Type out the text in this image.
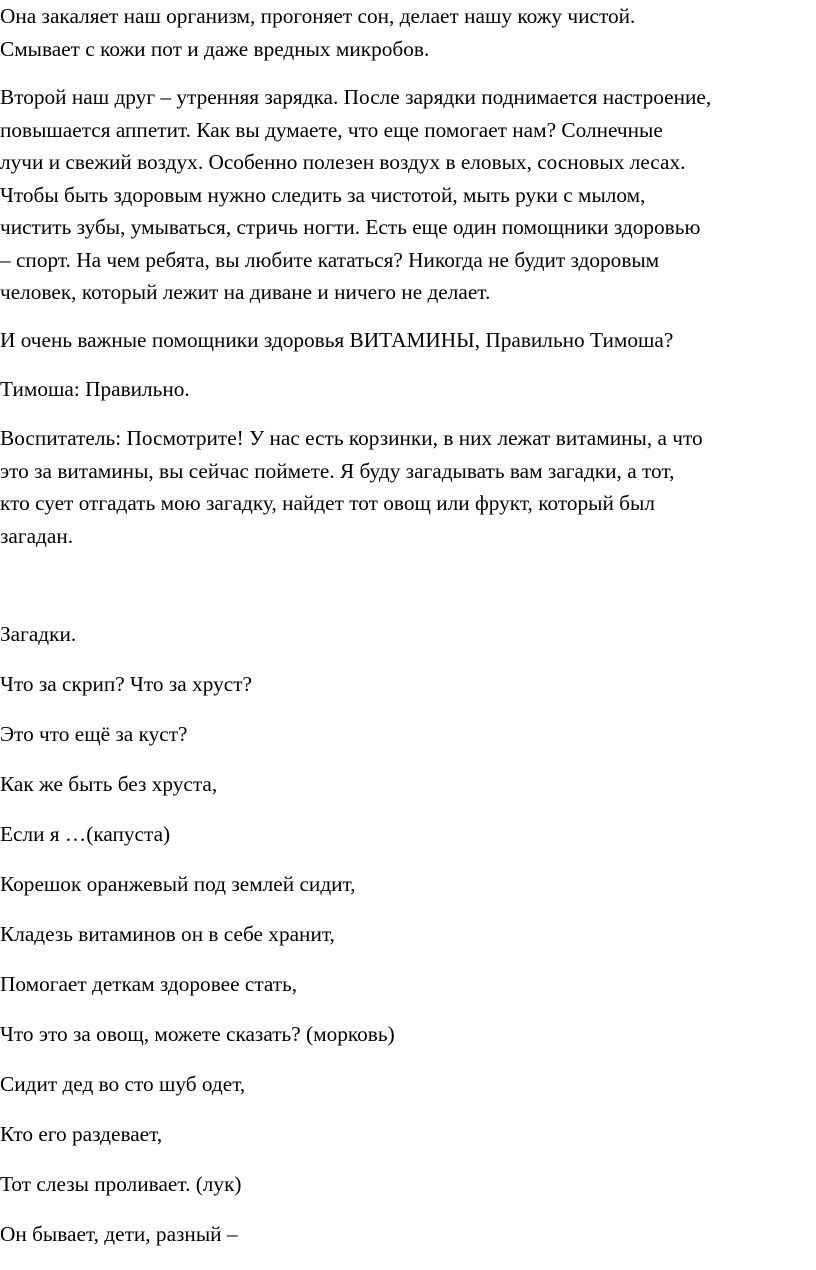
Она закаляет наш организм, прогоняет сон, делает нашу кожу чистой.
Смывает с кожи пот и даже вредных микробов.

Второй наш друг – утренняя зарядка. После зарядки поднимается настроение,
повышается аппетит. Как вы думаете, что еще помогает нам? Солнечные
лучи и свежий воздух. Особенно полезен воздух в еловых, сосновых лесах.
Чтобы быть здоровым нужно следить за чистотой, мыть руки с мылом,
чистить зубы, умываться, стричь ногти. Есть еще один помощники здоровью
– спорт. На чем ребята, вы любите кататься? Никогда не будит здоровым
человек, который лежит на диване и ничего не делает.

И очень важные помощники здоровья ВИТАМИНЫ, Правильно Тимоша?

Тимоша: Правильно.

Воспитатель: Посмотрите! У нас есть корзинки, в них лежат витамины, а что
это за витамины, вы сейчас поймете. Я буду загадывать вам загадки, а тот,
кто сует отгадать мою загадку, найдет тот овощ или фрукт, который был
загадан.

Загадки.

Что за скрип? Что за хруст?

Это что ещё за куст?

Как же быть без хруста,

Если я …(капуста)

Корешок оранжевый под землей сидит,

Кладезь витаминов он в себе хранит,

Помогает деткам здоровее стать,

Что это за овощ, можете сказать? (морковь)

Сидит дед во сто шуб одет,

Кто его раздевает,

Тот слезы проливает. (лук)

Он бывает, дети, разный –
